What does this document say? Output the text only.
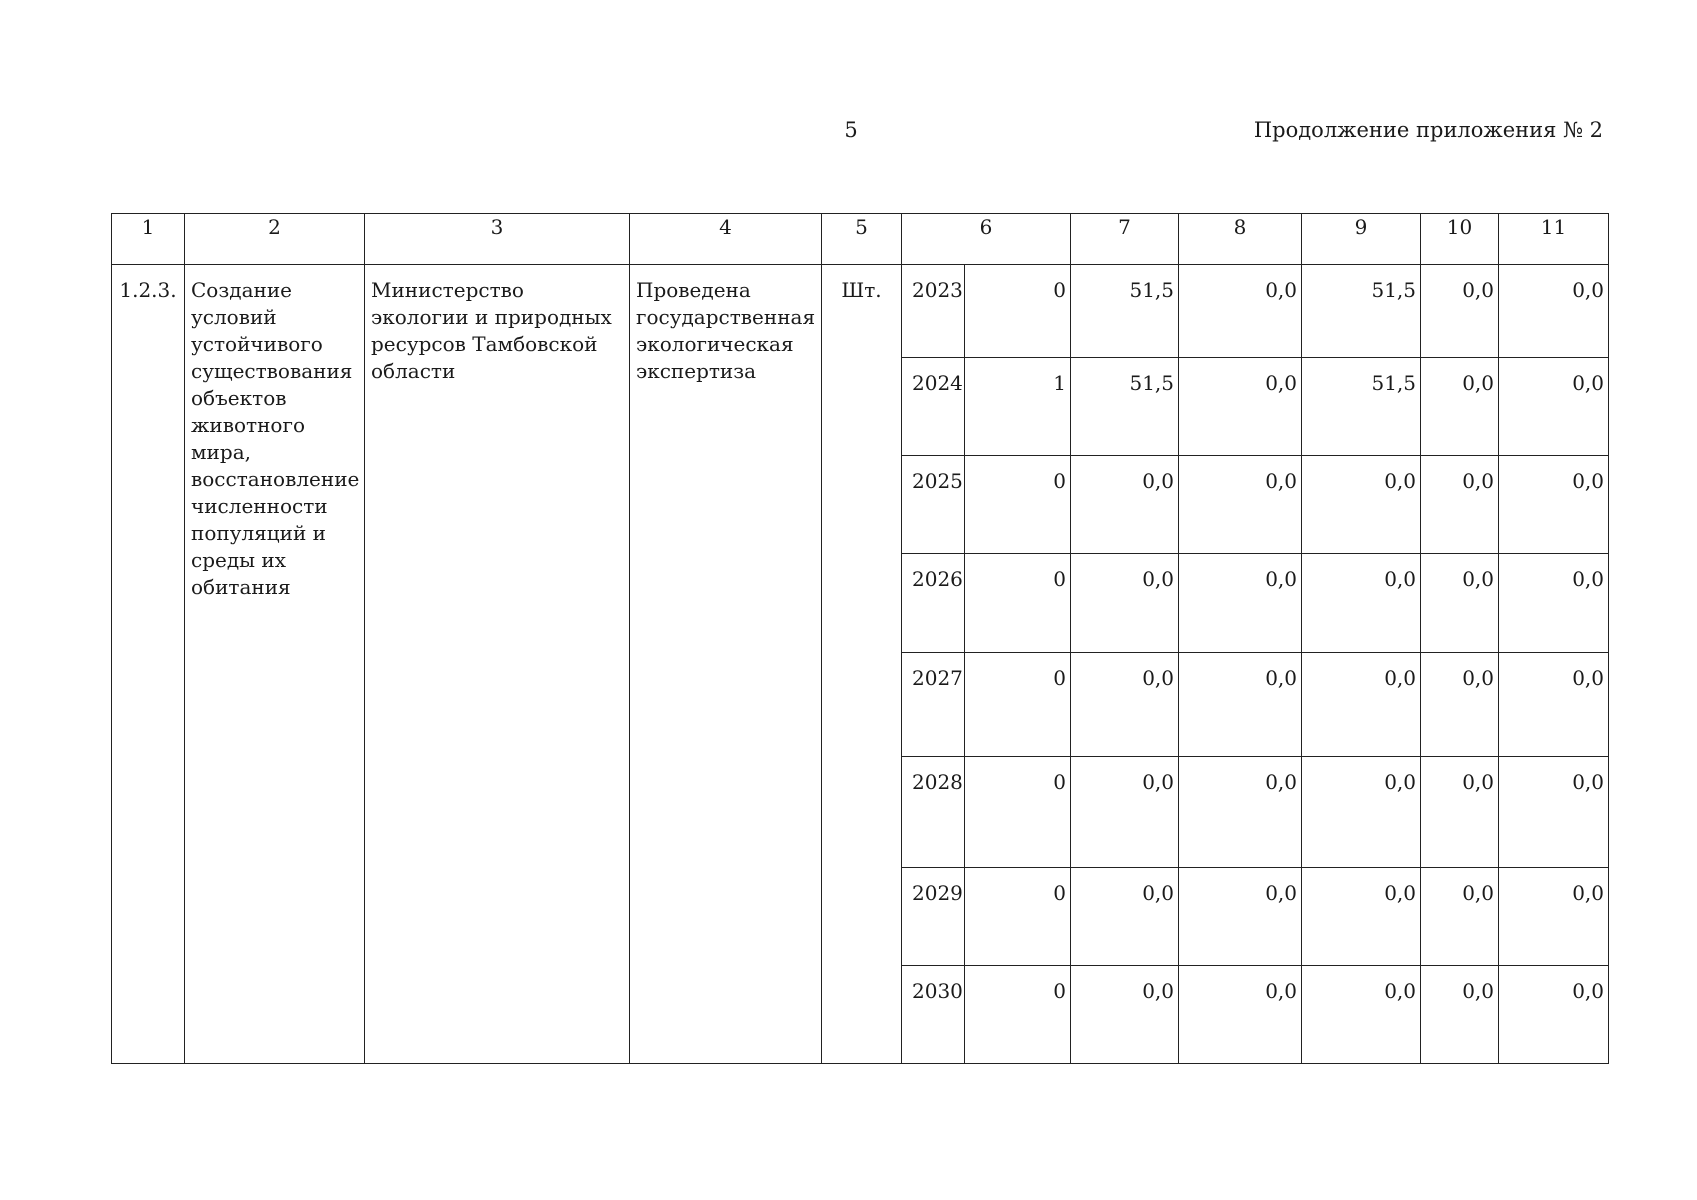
5	Продолжение приложения № 2
1	2	3	4	5	6		7	8	9	10	11
1.2.3.	Создание условий устойчивого существования объектов животного мира, восстановление численности популяций и среды их обитания	Министерство экологии и природных ресурсов Тамбовской области	Проведена государственная экологическая экспертиза	Шт.	2023	0	51,5	0,0	51,5	0,0	0,0
					2024	1	51,5	0,0	51,5	0,0	0,0
					2025	0	0,0	0,0	0,0	0,0	0,0
					2026	0	0,0	0,0	0,0	0,0	0,0
					2027	0	0,0	0,0	0,0	0,0	0,0
					2028	0	0,0	0,0	0,0	0,0	0,0
					2029	0	0,0	0,0	0,0	0,0	0,0
					2030	0	0,0	0,0	0,0	0,0	0,0
